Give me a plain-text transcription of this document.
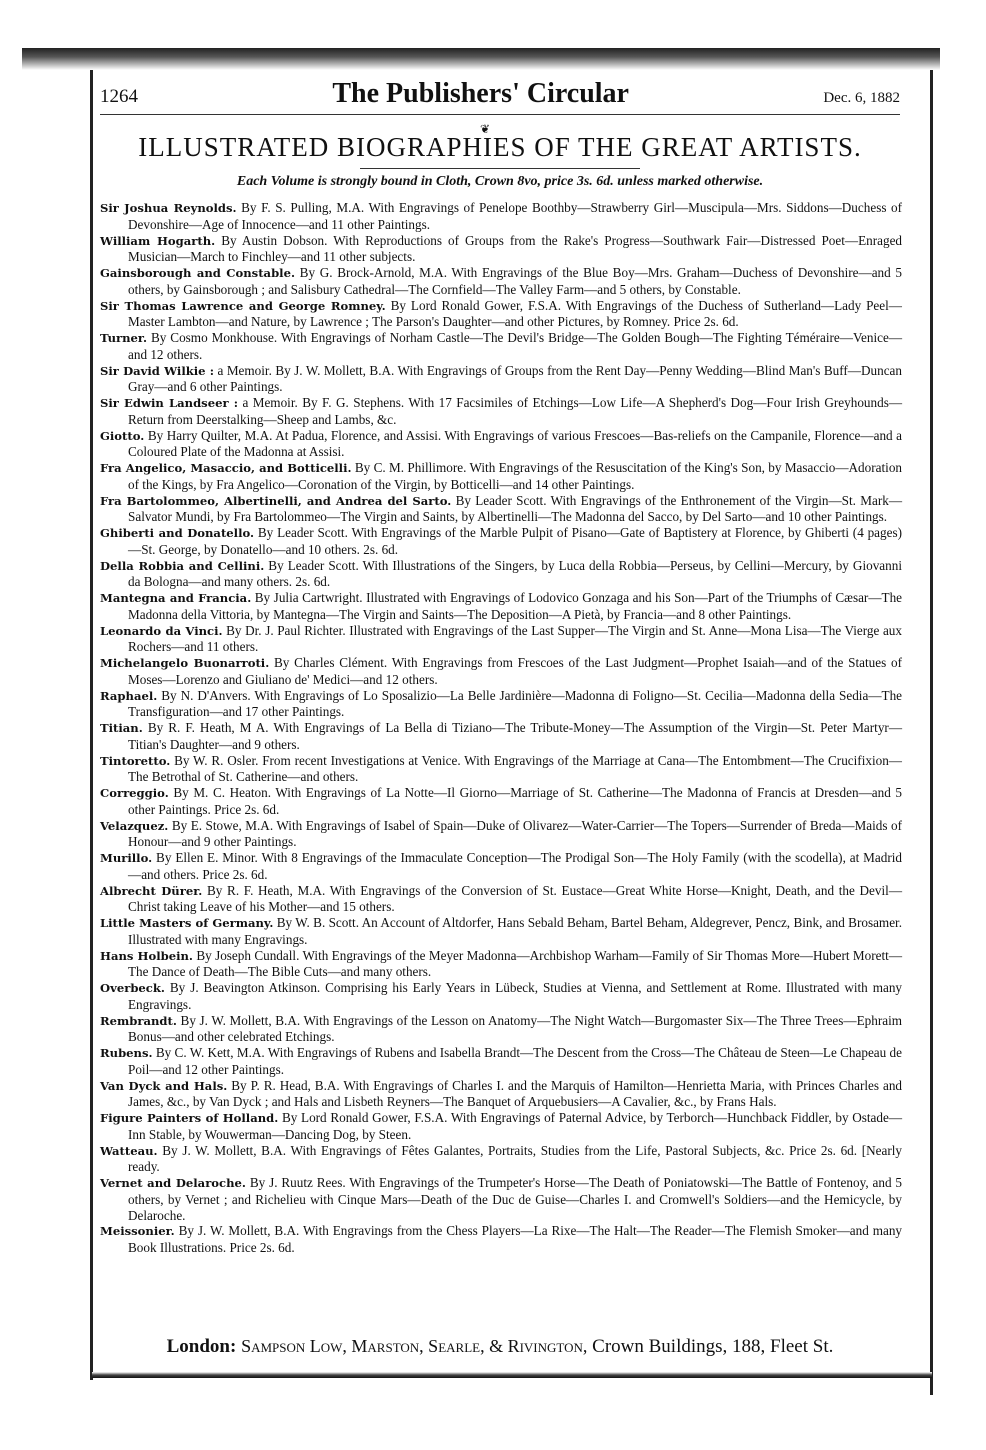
1264	The Publishers' Circular	Dec. 6, 1882
❦
ILLUSTRATED BIOGRAPHIES OF THE GREAT ARTISTS.
Each Volume is strongly bound in Cloth, Crown 8vo, price 3s. 6d. unless marked otherwise.
Sir Joshua Reynolds. By F. S. Pulling, M.A. With Engravings of Penelope Boothby—Strawberry Girl—Muscipula—Mrs. Siddons—Duchess of Devonshire—Age of Innocence—and 11 other Paintings.
William Hogarth. By Austin Dobson. With Reproductions of Groups from the Rake's Progress—Southwark Fair—Distressed Poet—Enraged Musician—March to Finchley—and 11 other subjects.
Gainsborough and Constable. By G. Brock-Arnold, M.A. With Engravings of the Blue Boy—Mrs. Graham—Duchess of Devonshire—and 5 others, by Gainsborough ; and Salisbury Cathedral—The Cornfield—The Valley Farm—and 5 others, by Constable.
Sir Thomas Lawrence and George Romney. By Lord Ronald Gower, F.S.A. With Engravings of the Duchess of Sutherland—Lady Peel—Master Lambton—and Nature, by Lawrence ; The Parson's Daughter—and other Pictures, by Romney. Price 2s. 6d.
Turner. By Cosmo Monkhouse. With Engravings of Norham Castle—The Devil's Bridge—The Golden Bough—The Fighting Téméraire—Venice—and 12 others.
Sir David Wilkie : a Memoir. By J. W. Mollett, B.A. With Engravings of Groups from the Rent Day—Penny Wedding—Blind Man's Buff—Duncan Gray—and 6 other Paintings.
Sir Edwin Landseer : a Memoir. By F. G. Stephens. With 17 Facsimiles of Etchings—Low Life—A Shepherd's Dog—Four Irish Greyhounds—Return from Deerstalking—Sheep and Lambs, &c.
Giotto. By Harry Quilter, M.A. At Padua, Florence, and Assisi. With Engravings of various Frescoes—Bas-reliefs on the Campanile, Florence—and a Coloured Plate of the Madonna at Assisi.
Fra Angelico, Masaccio, and Botticelli. By C. M. Phillimore. With Engravings of the Resuscitation of the King's Son, by Masaccio—Adoration of the Kings, by Fra Angelico—Coronation of the Virgin, by Botticelli—and 14 other Paintings.
Fra Bartolommeo, Albertinelli, and Andrea del Sarto. By Leader Scott. With Engravings of the Enthronement of the Virgin—St. Mark—Salvator Mundi, by Fra Bartolommeo—The Virgin and Saints, by Albertinelli—The Madonna del Sacco, by Del Sarto—and 10 other Paintings.
Ghiberti and Donatello. By Leader Scott. With Engravings of the Marble Pulpit of Pisano—Gate of Baptistery at Florence, by Ghiberti (4 pages)—St. George, by Donatello—and 10 others. 2s. 6d.
Della Robbia and Cellini. By Leader Scott. With Illustrations of the Singers, by Luca della Robbia—Perseus, by Cellini—Mercury, by Giovanni da Bologna—and many others. 2s. 6d.
Mantegna and Francia. By Julia Cartwright. Illustrated with Engravings of Lodovico Gonzaga and his Son—Part of the Triumphs of Cæsar—The Madonna della Vittoria, by Mantegna—The Virgin and Saints—The Deposition—A Pietà, by Francia—and 8 other Paintings.
Leonardo da Vinci. By Dr. J. Paul Richter. Illustrated with Engravings of the Last Supper—The Virgin and St. Anne—Mona Lisa—The Vierge aux Rochers—and 11 others.
Michelangelo Buonarroti. By Charles Clément. With Engravings from Frescoes of the Last Judgment—Prophet Isaiah—and of the Statues of Moses—Lorenzo and Giuliano de' Medici—and 12 others.
Raphael. By N. D'Anvers. With Engravings of Lo Sposalizio—La Belle Jardinière—Madonna di Foligno—St. Cecilia—Madonna della Sedia—The Transfiguration—and 17 other Paintings.
Titian. By R. F. Heath, M A. With Engravings of La Bella di Tiziano—The Tribute-Money—The Assumption of the Virgin—St. Peter Martyr—Titian's Daughter—and 9 others.
Tintoretto. By W. R. Osler. From recent Investigations at Venice. With Engravings of the Marriage at Cana—The Entombment—The Crucifixion—The Betrothal of St. Catherine—and others.
Correggio. By M. C. Heaton. With Engravings of La Notte—Il Giorno—Marriage of St. Catherine—The Madonna of Francis at Dresden—and 5 other Paintings. Price 2s. 6d.
Velazquez. By E. Stowe, M.A. With Engravings of Isabel of Spain—Duke of Olivarez—Water-Carrier—The Topers—Surrender of Breda—Maids of Honour—and 9 other Paintings.
Murillo. By Ellen E. Minor. With 8 Engravings of the Immaculate Conception—The Prodigal Son—The Holy Family (with the scodella), at Madrid—and others. Price 2s. 6d.
Albrecht Dürer. By R. F. Heath, M.A. With Engravings of the Conversion of St. Eustace—Great White Horse—Knight, Death, and the Devil—Christ taking Leave of his Mother—and 15 others.
Little Masters of Germany. By W. B. Scott. An Account of Altdorfer, Hans Sebald Beham, Bartel Beham, Aldegrever, Pencz, Bink, and Brosamer. Illustrated with many Engravings.
Hans Holbein. By Joseph Cundall. With Engravings of the Meyer Madonna—Archbishop Warham—Family of Sir Thomas More—Hubert Morett—The Dance of Death—The Bible Cuts—and many others.
Overbeck. By J. Beavington Atkinson. Comprising his Early Years in Lübeck, Studies at Vienna, and Settlement at Rome. Illustrated with many Engravings.
Rembrandt. By J. W. Mollett, B.A. With Engravings of the Lesson on Anatomy—The Night Watch—Burgomaster Six—The Three Trees—Ephraim Bonus—and other celebrated Etchings.
Rubens. By C. W. Kett, M.A. With Engravings of Rubens and Isabella Brandt—The Descent from the Cross—The Château de Steen—Le Chapeau de Poil—and 12 other Paintings.
Van Dyck and Hals. By P. R. Head, B.A. With Engravings of Charles I. and the Marquis of Hamilton—Henrietta Maria, with Princes Charles and James, &c., by Van Dyck ; and Hals and Lisbeth Reyners—The Banquet of Arquebusiers—A Cavalier, &c., by Frans Hals.
Figure Painters of Holland. By Lord Ronald Gower, F.S.A. With Engravings of Paternal Advice, by Terborch—Hunchback Fiddler, by Ostade—Inn Stable, by Wouwerman—Dancing Dog, by Steen.
Watteau. By J. W. Mollett, B.A. With Engravings of Fêtes Galantes, Portraits, Studies from the Life, Pastoral Subjects, &c. Price 2s. 6d. [Nearly ready.
Vernet and Delaroche. By J. Ruutz Rees. With Engravings of the Trumpeter's Horse—The Death of Poniatowski—The Battle of Fontenoy, and 5 others, by Vernet ; and Richelieu with Cinque Mars—Death of the Duc de Guise—Charles I. and Cromwell's Soldiers—and the Hemicycle, by Delaroche.
Meissonier. By J. W. Mollett, B.A. With Engravings from the Chess Players—La Rixe—The Halt—The Reader—The Flemish Smoker—and many Book Illustrations. Price 2s. 6d.
London: Sampson Low, Marston, Searle, & Rivington, Crown Buildings, 188, Fleet St.
